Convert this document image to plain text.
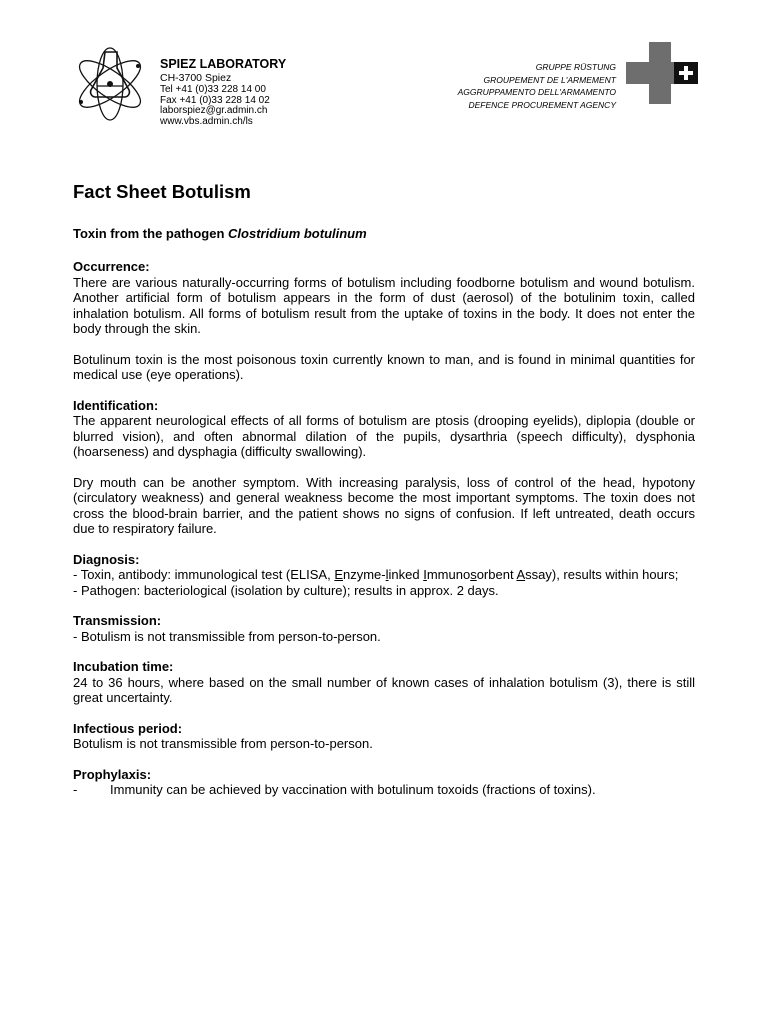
SPIEZ LABORATORY
CH-3700 Spiez
Tel +41 (0)33 228 14 00
Fax +41 (0)33 228 14 02
laborspiez@gr.admin.ch
www.vbs.admin.ch/ls
GRUPPE RÜSTUNG
GROUPEMENT DE L'ARMEMENT
AGGRUPPAMENTO DELL'ARMAMENTO
DEFENCE PROCUREMENT AGENCY
Fact Sheet Botulism
Toxin from the pathogen Clostridium botulinum
Occurrence:

There are various naturally-occurring forms of botulism including foodborne botulism and wound botulism. Another artificial form of botulism appears in the form of dust (aerosol) of the botulinim toxin, called inhalation botulism. All forms of botulism result from the uptake of toxins in the body. It does not enter the body through the skin.

Botulinum toxin is the most poisonous toxin currently known to man, and is found in minimal quantities for medical use (eye operations).

Identification:

The apparent neurological effects of all forms of botulism are ptosis (drooping eyelids), diplopia (double or blurred vision), and often abnormal dilation of the pupils, dysarthria (speech difficulty), dysphonia (hoarseness) and dysphagia (difficulty swallowing).

Dry mouth can be another symptom. With increasing paralysis, loss of control of the head, hypotony (circulatory weakness) and general weakness become the most important symptoms. The toxin does not cross the blood-brain barrier, and the patient shows no signs of confusion. If left untreated, death occurs due to respiratory failure.

Diagnosis:
- Toxin, antibody: immunological test (ELISA, Enzyme-linked Immunosorbent Assay), results within hours;
- Pathogen: bacteriological (isolation by culture); results in approx. 2 days.
Transmission:
- Botulism is not transmissible from person-to-person.
Incubation time:

24 to 36 hours, where based on the small number of known cases of inhalation botulism (3), there is still great uncertainty.

Infectious period:

Botulism is not transmissible from person-to-person.

Prophylaxis:
-	Immunity can be achieved by vaccination with botulinum toxoids (fractions of toxins).
